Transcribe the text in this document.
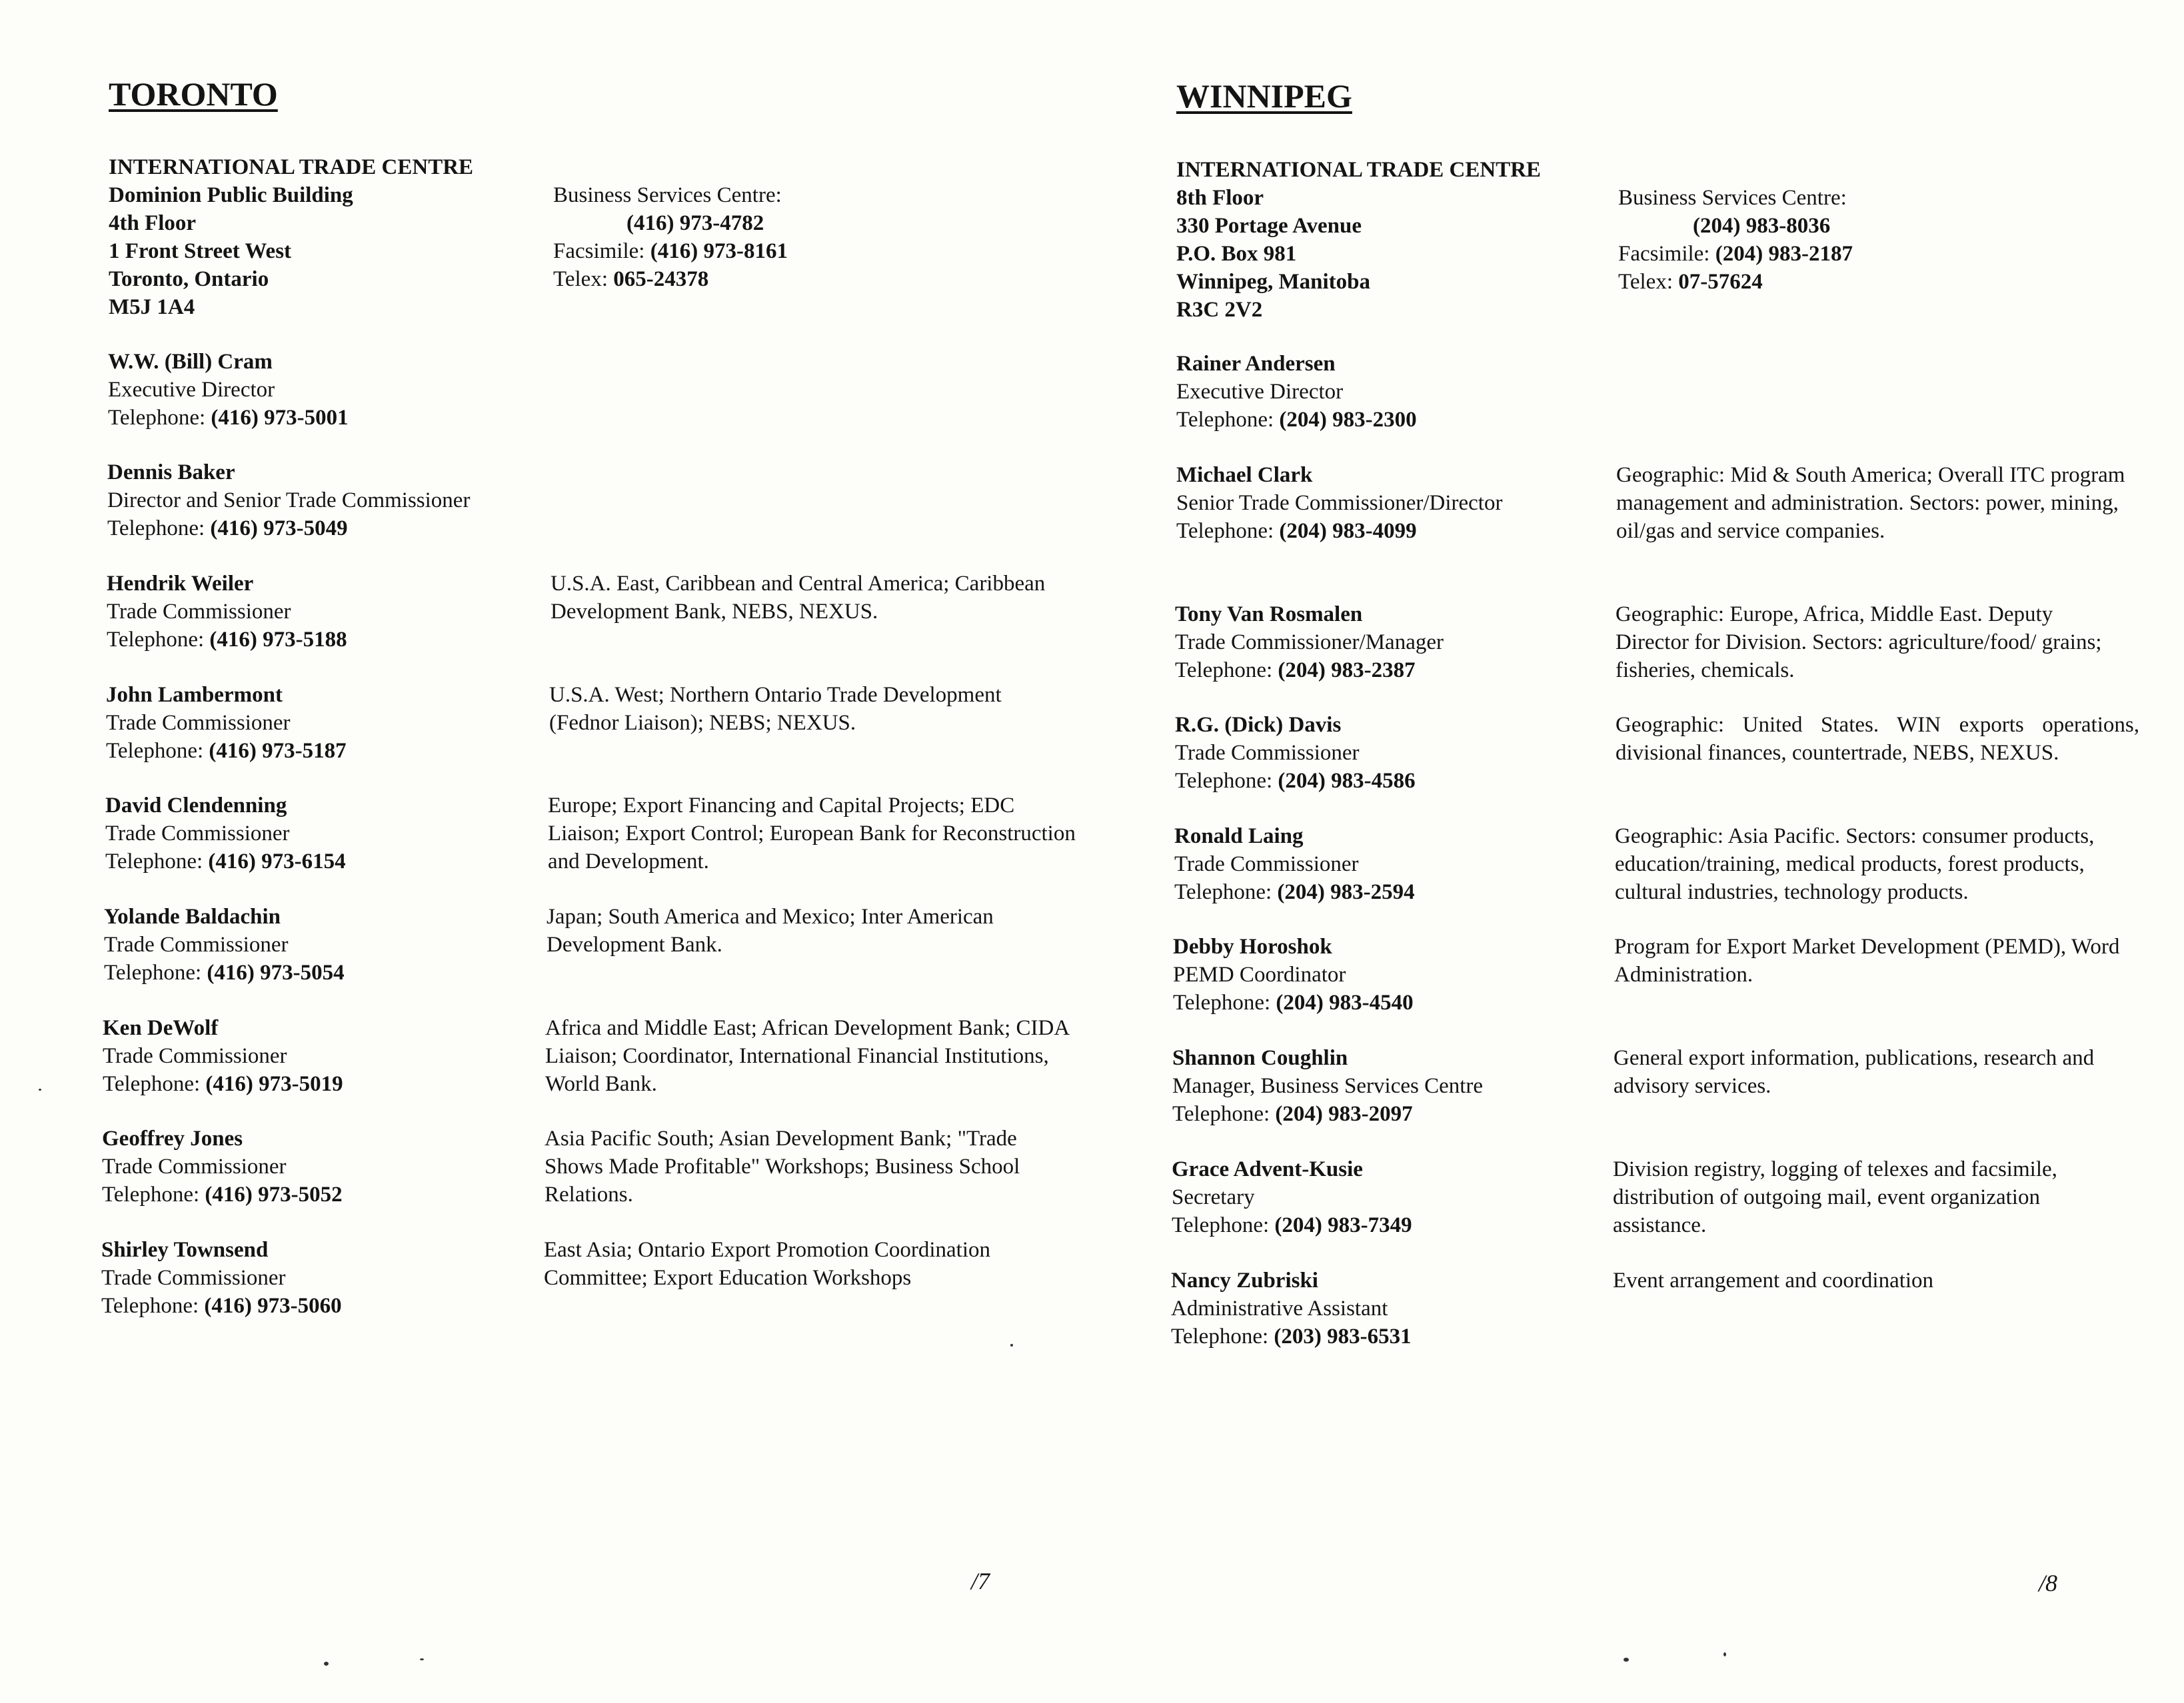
TORONTO
INTERNATIONAL TRADE CENTRE
Dominion Public Building
4th Floor
1 Front Street West
Toronto, Ontario
M5J 1A4
Business Services Centre:
(416) 973-4782
Facsimile: (416) 973-8161
Telex: 065-24378
W.W. (Bill) Cram
Executive Director
Telephone: (416) 973-5001
Dennis Baker
Director and Senior Trade Commissioner
Telephone: (416) 973-5049
Hendrik Weiler
Trade Commissioner
Telephone: (416) 973-5188
U.S.A. East, Caribbean and Central America; Caribbean Development Bank, NEBS, NEXUS.
John Lambermont
Trade Commissioner
Telephone: (416) 973-5187
U.S.A. West; Northern Ontario Trade Development (Fednor Liaison); NEBS; NEXUS.
David Clendenning
Trade Commissioner
Telephone: (416) 973-6154
Europe; Export Financing and Capital Projects; EDC Liaison; Export Control; European Bank for Reconstruction and Development.
Yolande Baldachin
Trade Commissioner
Telephone: (416) 973-5054
Japan; South America and Mexico; Inter American Development Bank.
Ken DeWolf
Trade Commissioner
Telephone: (416) 973-5019
Africa and Middle East; African Development Bank; CIDA Liaison; Coordinator, International Financial Institutions, World Bank.
Geoffrey Jones
Trade Commissioner
Telephone: (416) 973-5052
Asia Pacific South; Asian Development Bank; "Trade Shows Made Profitable" Workshops; Business School Relations.
Shirley Townsend
Trade Commissioner
Telephone: (416) 973-5060
East Asia; Ontario Export Promotion Coordination Committee; Export Education Workshops
/7
WINNIPEG
INTERNATIONAL TRADE CENTRE
8th Floor
330 Portage Avenue
P.O. Box 981
Winnipeg, Manitoba
R3C 2V2
Business Services Centre:
(204) 983-8036
Facsimile: (204) 983-2187
Telex: 07-57624
Rainer Andersen
Executive Director
Telephone: (204) 983-2300
Michael Clark
Senior Trade Commissioner/Director
Telephone: (204) 983-4099
Geographic: Mid & South America; Overall ITC program management and administration. Sectors: power, mining, oil/gas and service companies.
Tony Van Rosmalen
Trade Commissioner/Manager
Telephone: (204) 983-2387
Geographic: Europe, Africa, Middle East. Deputy Director for Division. Sectors: agriculture/food/ grains; fisheries, chemicals.
R.G. (Dick) Davis
Trade Commissioner
Telephone: (204) 983-4586
Geographic: United States. WIN exports operations, divisional finances, countertrade, NEBS, NEXUS.
Ronald Laing
Trade Commissioner
Telephone: (204) 983-2594
Geographic: Asia Pacific. Sectors: consumer products, education/training, medical products, forest products, cultural industries, technology products.
Debby Horoshok
PEMD Coordinator
Telephone: (204) 983-4540
Program for Export Market Development (PEMD), Word Administration.
Shannon Coughlin
Manager, Business Services Centre
Telephone: (204) 983-2097
General export information, publications, research and advisory services.
Grace Advent-Kusie
Secretary
Telephone: (204) 983-7349
Division registry, logging of telexes and facsimile, distribution of outgoing mail, event organization assistance.
Nancy Zubriski
Administrative Assistant
Telephone: (203) 983-6531
Event arrangement and coordination
/8
